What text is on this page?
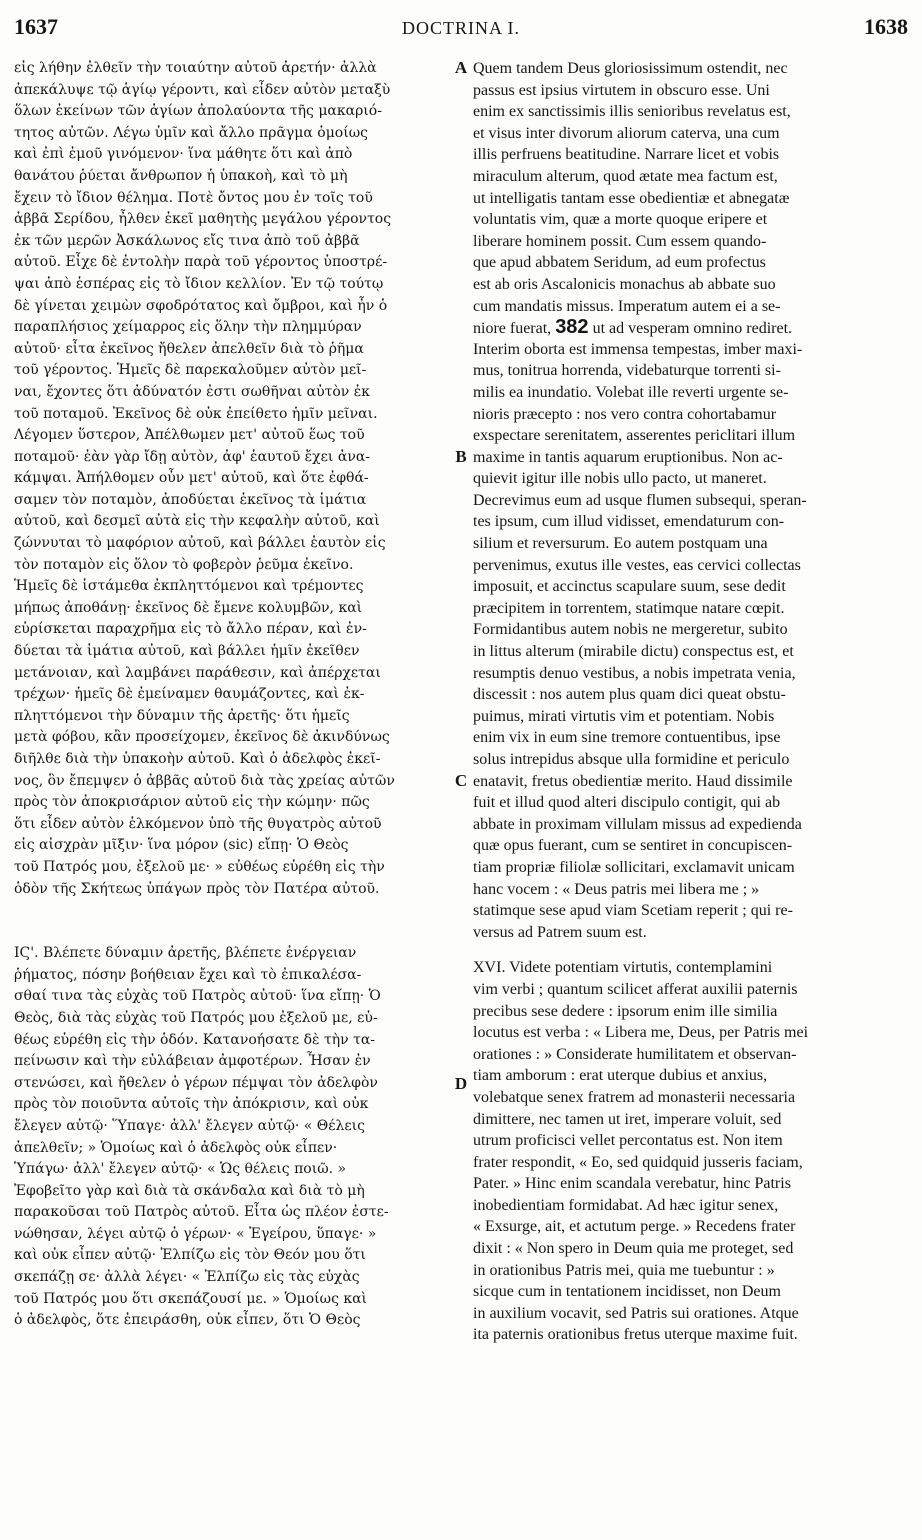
1637	DOCTRINA I.	1638
εἰς λήθην ἐλθεῖν τὴν τοιαύτην αὐτοῦ ἀρετήν· ἀλλὰ
ἀπεκάλυψε τῷ ἁγίῳ γέροντι, καὶ εἶδεν αὐτὸν μεταξὺ
ὅλων ἐκείνων τῶν ἁγίων ἀπολαύοντα τῆς μακαριό-
τητος αὐτῶν. Λέγω ὑμῖν καὶ ἄλλο πρᾶγμα ὁμοίως
καὶ ἐπὶ ἐμοῦ γινόμενον· ἵνα μάθητε ὅτι καὶ ἀπὸ
θανάτου ῥύεται ἄνθρωπον ἡ ὑπακοὴ, καὶ τὸ μὴ
ἔχειν τὸ ἴδιον θέλημα. Ποτὲ ὄντος μου ἐν τοῖς τοῦ
ἀββᾶ Σερίδου, ἦλθεν ἐκεῖ μαθητὴς μεγάλου γέροντος
ἐκ τῶν μερῶν Ἀσκάλωνος εἴς τινα ἀπὸ τοῦ ἀββᾶ
αὐτοῦ. Εἶχε δὲ ἐντολὴν παρὰ τοῦ γέροντος ὑποστρέ-
ψαι ἀπὸ ἑσπέρας εἰς τὸ ἴδιον κελλίον. Ἐν τῷ τούτῳ
δὲ γίνεται χειμὼν σφοδρότατος καὶ ὄμβροι, καὶ ἦν ὁ
παραπλήσιος χείμαρρος εἰς ὅλην τὴν πλημμύραν
αὐτοῦ· εἶτα ἐκεῖνος ἤθελεν ἀπελθεῖν διὰ τὸ ῥῆμα
τοῦ γέροντος. Ἡμεῖς δὲ παρεκαλοῦμεν αὐτὸν μεῖ-
ναι, ἔχοντες ὅτι ἀδύνατόν ἐστι σωθῆναι αὐτὸν ἐκ
τοῦ ποταμοῦ. Ἐκεῖνος δὲ οὐκ ἐπείθετο ἡμῖν μεῖναι.
Λέγομεν ὕστερον, Ἀπέλθωμεν μετ' αὐτοῦ ἕως τοῦ
ποταμοῦ· ἐὰν γὰρ ἴδῃ αὐτὸν, ἀφ' ἑαυτοῦ ἔχει ἀνα-
κάμψαι. Ἀπήλθομεν οὖν μετ' αὐτοῦ, καὶ ὅτε ἐφθά-
σαμεν τὸν ποταμὸν, ἀποδύεται ἐκεῖνος τὰ ἱμάτια
αὐτοῦ, καὶ δεσμεῖ αὐτὰ εἰς τὴν κεφαλὴν αὐτοῦ, καὶ
ζώννυται τὸ μαφόριον αὐτοῦ, καὶ βάλλει ἑαυτὸν εἰς
τὸν ποταμὸν εἰς ὅλον τὸ φοβερὸν ῥεῦμα ἐκεῖνο.
Ἡμεῖς δὲ ἱστάμεθα ἐκπληττόμενοι καὶ τρέμοντες
μήπως ἀποθάνῃ· ἐκεῖνος δὲ ἔμενε κολυμβῶν, καὶ
εὑρίσκεται παραχρῆμα εἰς τὸ ἄλλο πέραν, καὶ ἐν-
δύεται τὰ ἱμάτια αὐτοῦ, καὶ βάλλει ἡμῖν ἐκεῖθεν
μετάνοιαν, καὶ λαμβάνει παράθεσιν, καὶ ἀπέρχεται
τρέχων· ἡμεῖς δὲ ἐμείναμεν θαυμάζοντες, καὶ ἐκ-
πληττόμενοι τὴν δύναμιν τῆς ἀρετῆς· ὅτι ἡμεῖς
μετὰ φόβου, κἂν προσείχομεν, ἐκεῖνος δὲ ἀκινδύνως
διῆλθε διὰ τὴν ὑπακοὴν αὐτοῦ. Καὶ ὁ ἀδελφὸς ἐκεῖ-
νος, ὃν ἔπεμψεν ὁ ἀββᾶς αὐτοῦ διὰ τὰς χρείας αὐτῶν
πρὸς τὸν ἀποκρισάριον αὐτοῦ εἰς τὴν κώμην· πῶς
ὅτι εἶδεν αὐτὸν ἑλκόμενον ὑπὸ τῆς θυγατρὸς αὐτοῦ
εἰς αἰσχρὰν μῖξιν· ἵνα μόρον (sic) εἴπῃ· Ὁ Θεὸς
τοῦ Πατρός μου, ἐξελοῦ με· » εὐθέως εὑρέθη εἰς τὴν
ὁδὸν τῆς Σκήτεως ὑπάγων πρὸς τὸν Πατέρα αὐτοῦ.
ΙϚ'. Βλέπετε δύναμιν ἀρετῆς, βλέπετε ἐνέργειαν
ῥήματος, πόσην βοήθειαν ἔχει καὶ τὸ ἐπικαλέσα-
σθαί τινα τὰς εὐχὰς τοῦ Πατρὸς αὐτοῦ· ἵνα εἴπῃ· Ὁ
Θεὸς, διὰ τὰς εὐχὰς τοῦ Πατρός μου ἐξελοῦ με, εὐ-
θέως εὑρέθη εἰς τὴν ὁδόν. Κατανοήσατε δὲ τὴν τα-
πείνωσιν καὶ τὴν εὐλάβειαν ἀμφοτέρων. Ἦσαν ἐν
στενώσει, καὶ ἤθελεν ὁ γέρων πέμψαι τὸν ἀδελφὸν
πρὸς τὸν ποιοῦντα αὐτοῖς τὴν ἀπόκρισιν, καὶ οὐκ
ἔλεγεν αὐτῷ· Ὕπαγε· ἀλλ' ἔλεγεν αὐτῷ· « Θέλεις
ἀπελθεῖν; » Ὁμοίως καὶ ὁ ἀδελφὸς οὐκ εἶπεν·
Ὑπάγω· ἀλλ' ἔλεγεν αὐτῷ· « Ὡς θέλεις ποιῶ. »
Ἐφοβεῖτο γὰρ καὶ διὰ τὰ σκάνδαλα καὶ διὰ τὸ μὴ
παρακοῦσαι τοῦ Πατρὸς αὐτοῦ. Εἶτα ὡς πλέον ἐστε-
νώθησαν, λέγει αὐτῷ ὁ γέρων· « Ἐγείρου, ὕπαγε· »
καὶ οὐκ εἶπεν αὐτῷ· Ἐλπίζω εἰς τὸν Θεόν μου ὅτι
σκεπάζῃ σε· ἀλλὰ λέγει· « Ἐλπίζω εἰς τὰς εὐχὰς
τοῦ Πατρός μου ὅτι σκεπάζουσί με. » Ὁμοίως καὶ
ὁ ἀδελφὸς, ὅτε ἐπειράσθη, οὐκ εἶπεν, ὅτι Ὁ Θεὸς
Quem tandem Deus gloriosissimum ostendit, nec
passus est ipsius virtutem in obscuro esse. Uni
enim ex sanctissimis illis senioribus revelatus est,
et visus inter divorum aliorum caterva, una cum
illis perfruens beatitudine. Narrare licet et vobis
miraculum alterum, quod ætate mea factum est,
ut intelligatis tantam esse obedientiæ et abnegatæ
voluntatis vim, quæ a morte quoque eripere et
liberare hominem possit. Cum essem quando-
que apud abbatem Seridum, ad eum profectus
est ab oris Ascalonicis monachus ab abbate suo
cum mandatis missus. Imperatum autem ei a se-
niore fuerat, 382 ut ad vesperam omnino rediret.
Interim oborta est immensa tempestas, imber maxi-
mus, tonitrua horrenda, videbaturque torrenti si-
milis ea inundatio. Volebat ille reverti urgente se-
nioris præcepto : nos vero contra cohortabamur
exspectare serenitatem, asserentes periclitari illum
maxime in tantis aquarum eruptionibus. Non ac-
quievit igitur ille nobis ullo pacto, ut maneret.
Decrevimus eum ad usque flumen subsequi, speran-
tes ipsum, cum illud vidisset, emendaturum con-
silium et reversurum. Eo autem postquam una
pervenimus, exutus ille vestes, eas cervici collectas
imposuit, et accinctus scapulare suum, sese dedit
præcipitem in torrentem, statimque natare cœpit.
Formidantibus autem nobis ne mergeretur, subito
in littus alterum (mirabile dictu) conspectus est, et
resumptis denuo vestibus, a nobis impetrata venia,
discessit : nos autem plus quam dici queat obstu-
puimus, mirati virtutis vim et potentiam. Nobis
enim vix in eum sine tremore contuentibus, ipse
solus intrepidus absque ulla formidine et periculo
enatavit, fretus obedientiæ merito. Haud dissimile
fuit et illud quod alteri discipulo contigit, qui ab
abbate in proximam villulam missus ad expedienda
quæ opus fuerant, cum se sentiret in concupiscen-
tiam propriæ filiolæ sollicitari, exclamavit unicam
hanc vocem : « Deus patris mei libera me ; »
statimque sese apud viam Scetiam reperit ; qui re-
versus ad Patrem suum est.
XVI. Videte potentiam virtutis, contemplamini
vim verbi ; quantum scilicet afferat auxilii paternis
precibus sese dedere : ipsorum enim ille similia
locutus est verba : « Libera me, Deus, per Patris mei
orationes : » Considerate humilitatem et observan-
tiam amborum : erat uterque dubius et anxius,
volebatque senex fratrem ad monasterii necessaria
dimittere, nec tamen ut iret, imperare voluit, sed
utrum proficisci vellet percontatus est. Non item
frater respondit, « Eo, sed quidquid jusseris faciam,
Pater. » Hinc enim scandala verebatur, hinc Patris
inobedientiam formidabat. Ad hæc igitur senex,
« Exsurge, ait, et actutum perge. » Recedens frater
dixit : « Non spero in Deum quia me proteget, sed
in orationibus Patris mei, quia me tuebuntur : »
sicque cum in tentationem incidisset, non Deum
in auxilium vocavit, sed Patris sui orationes. Atque
ita paternis orationibus fretus uterque maxime fuit.
A
B
C
D
